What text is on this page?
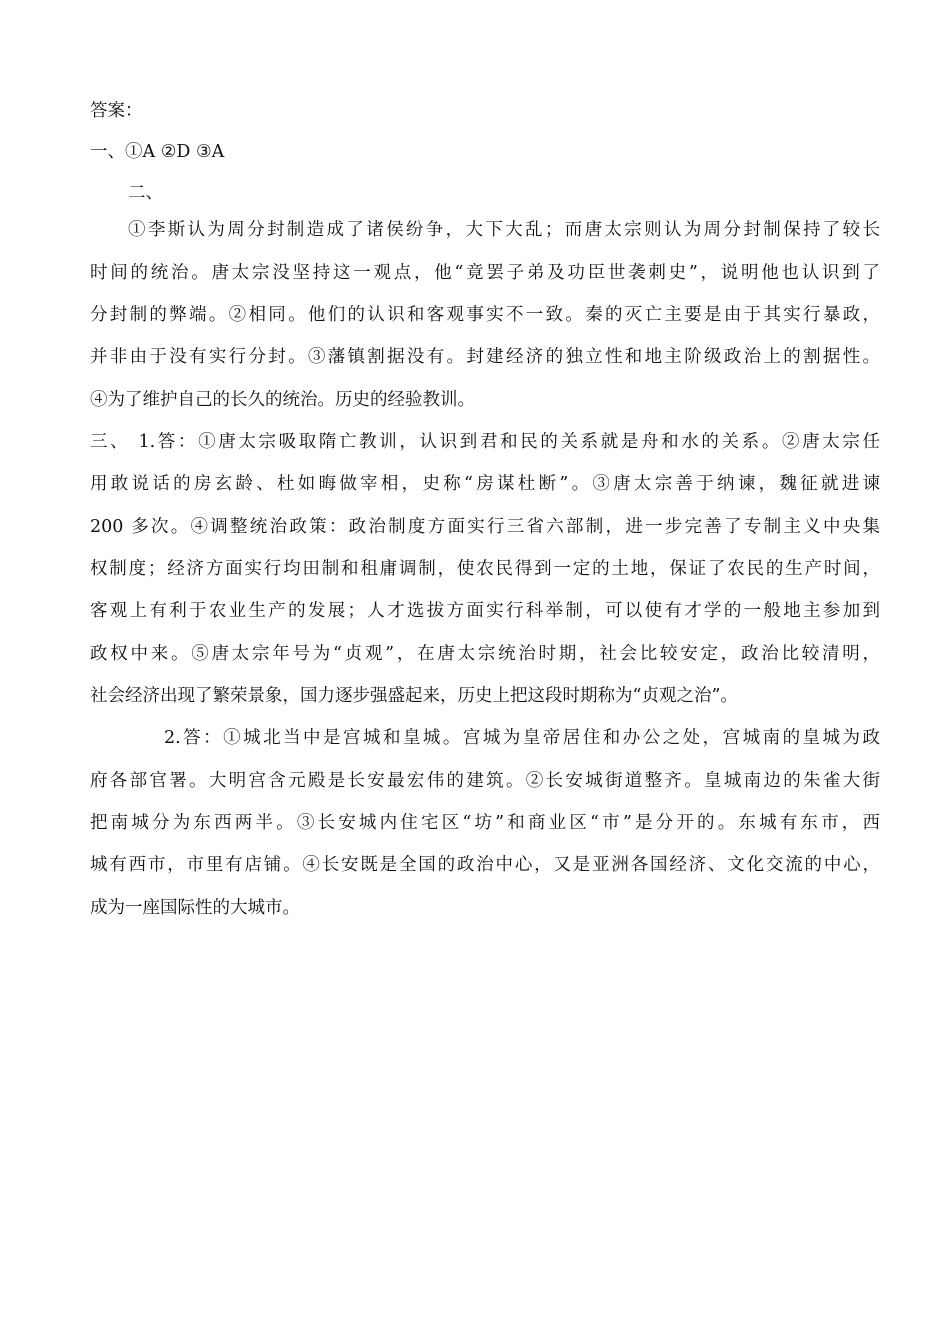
答案：
一、①A ②D ③A
二、
①李斯认为周分封制造成了诸侯纷争，大下大乱；而唐太宗则认为周分封制保持了较长
时间的统治。唐太宗没坚持这一观点，他“竟罢子弟及功臣世袭刺史”，说明他也认识到了
分封制的弊端。②相同。他们的认识和客观事实不一致。秦的灭亡主要是由于其实行暴政，
并非由于没有实行分封。③藩镇割据没有。封建经济的独立性和地主阶级政治上的割据性。
④为了维护自己的长久的统治。历史的经验教训。
三、 1.答：①唐太宗吸取隋亡教训，认识到君和民的关系就是舟和水的关系。②唐太宗任
用敢说话的房玄龄、杜如晦做宰相，史称“房谋杜断”。③唐太宗善于纳谏，魏征就进谏
200 多次。④调整统治政策：政治制度方面实行三省六部制，进一步完善了专制主义中央集
权制度；经济方面实行均田制和租庸调制，使农民得到一定的土地，保证了农民的生产时间，
客观上有利于农业生产的发展；人才选拔方面实行科举制，可以使有才学的一般地主参加到
政权中来。⑤唐太宗年号为“贞观”，在唐太宗统治时期，社会比较安定，政治比较清明，
社会经济出现了繁荣景象，国力逐步强盛起来，历史上把这段时期称为“贞观之治”。
2.答：①城北当中是宫城和皇城。宫城为皇帝居住和办公之处，宫城南的皇城为政
府各部官署。大明宫含元殿是长安最宏伟的建筑。②长安城街道整齐。皇城南边的朱雀大街
把南城分为东西两半。③长安城内住宅区“坊”和商业区“市”是分开的。东城有东市，西
城有西市，市里有店铺。④长安既是全国的政治中心，又是亚洲各国经济、文化交流的中心，
成为一座国际性的大城市。
